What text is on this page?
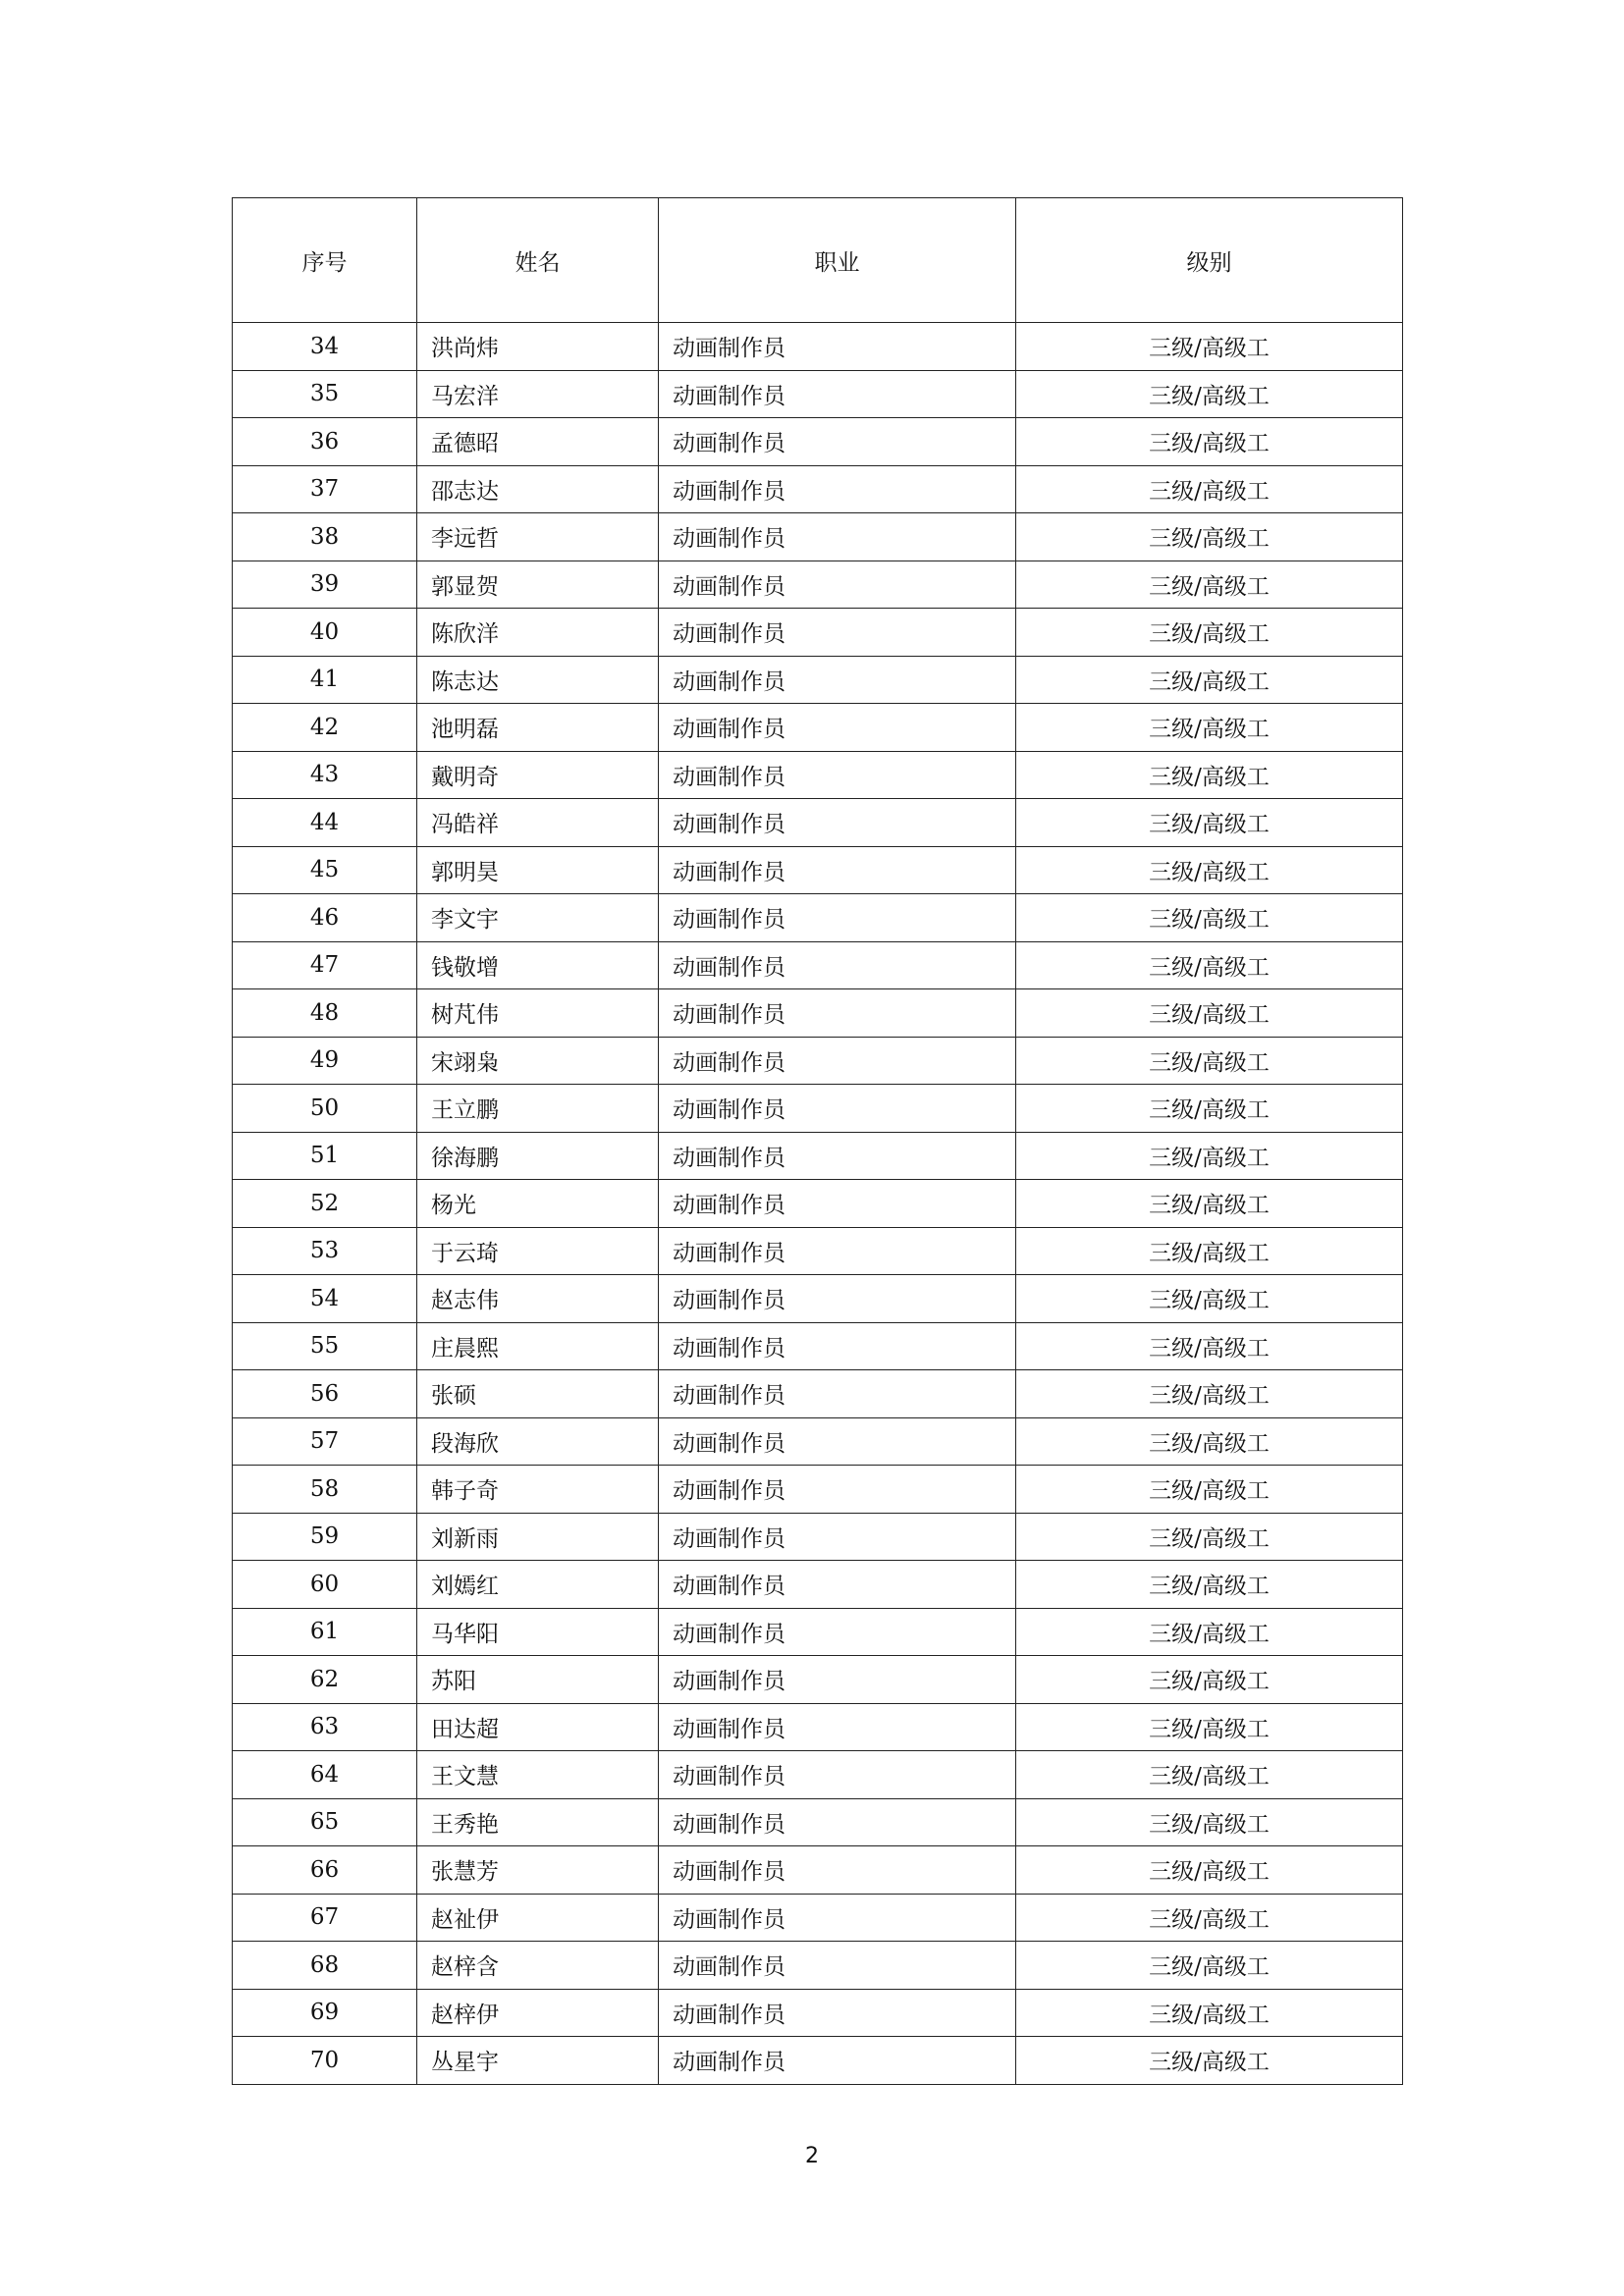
序号	姓名	职业	级别
34	洪尚炜	动画制作员	三级/高级工
35	马宏洋	动画制作员	三级/高级工
36	孟德昭	动画制作员	三级/高级工
37	邵志达	动画制作员	三级/高级工
38	李远哲	动画制作员	三级/高级工
39	郭显贺	动画制作员	三级/高级工
40	陈欣洋	动画制作员	三级/高级工
41	陈志达	动画制作员	三级/高级工
42	池明磊	动画制作员	三级/高级工
43	戴明奇	动画制作员	三级/高级工
44	冯皓祥	动画制作员	三级/高级工
45	郭明昊	动画制作员	三级/高级工
46	李文宇	动画制作员	三级/高级工
47	钱敬增	动画制作员	三级/高级工
48	树芃伟	动画制作员	三级/高级工
49	宋翊枭	动画制作员	三级/高级工
50	王立鹏	动画制作员	三级/高级工
51	徐海鹏	动画制作员	三级/高级工
52	杨光	动画制作员	三级/高级工
53	于云琦	动画制作员	三级/高级工
54	赵志伟	动画制作员	三级/高级工
55	庄晨熙	动画制作员	三级/高级工
56	张硕	动画制作员	三级/高级工
57	段海欣	动画制作员	三级/高级工
58	韩子奇	动画制作员	三级/高级工
59	刘新雨	动画制作员	三级/高级工
60	刘嫣红	动画制作员	三级/高级工
61	马华阳	动画制作员	三级/高级工
62	苏阳	动画制作员	三级/高级工
63	田达超	动画制作员	三级/高级工
64	王文慧	动画制作员	三级/高级工
65	王秀艳	动画制作员	三级/高级工
66	张慧芳	动画制作员	三级/高级工
67	赵祉伊	动画制作员	三级/高级工
68	赵梓含	动画制作员	三级/高级工
69	赵梓伊	动画制作员	三级/高级工
70	丛星宇	动画制作员	三级/高级工
2
